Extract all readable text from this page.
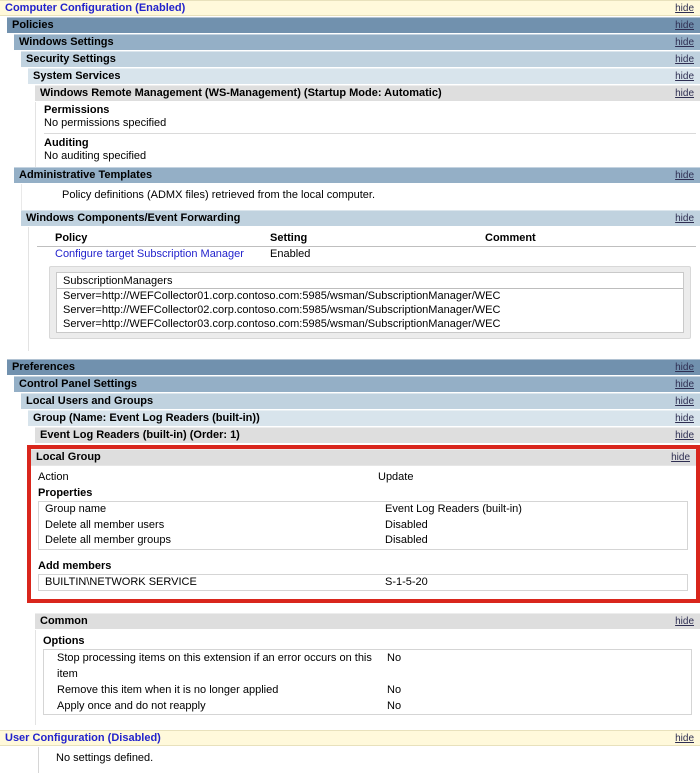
Computer Configuration (Enabled)	hide
Policies	hide
Windows Settings	hide
Security Settings	hide
System Services	hide
Windows Remote Management (WS-Management) (Startup Mode: Automatic)	hide
Permissions
No permissions specified
Auditing
No auditing specified
Administrative Templates	hide
Policy definitions (ADMX files) retrieved from the local computer.
Windows Components/Event Forwarding	hide
Policy	Setting	Comment
Configure target Subscription Manager	Enabled
SubscriptionManagers
Server=http://WEFCollector01.corp.contoso.com:5985/wsman/SubscriptionManager/WEC
Server=http://WEFCollector02.corp.contoso.com:5985/wsman/SubscriptionManager/WEC
Server=http://WEFCollector03.corp.contoso.com:5985/wsman/SubscriptionManager/WEC
Preferences	hide
Control Panel Settings	hide
Local Users and Groups	hide
Group (Name: Event Log Readers (built-in))	hide
Event Log Readers (built-in) (Order: 1)	hide
Local Group	hide
Action	Update
Properties
Group name	Event Log Readers (built-in)
Delete all member users	Disabled
Delete all member groups	Disabled
Add members
BUILTIN\NETWORK SERVICE	S-1-5-20
Common	hide
Options
Stop processing items on this extension if an error occurs on this item
No
Remove this item when it is no longer applied	No
Apply once and do not reapply	No
User Configuration (Disabled)	hide
No settings defined.
